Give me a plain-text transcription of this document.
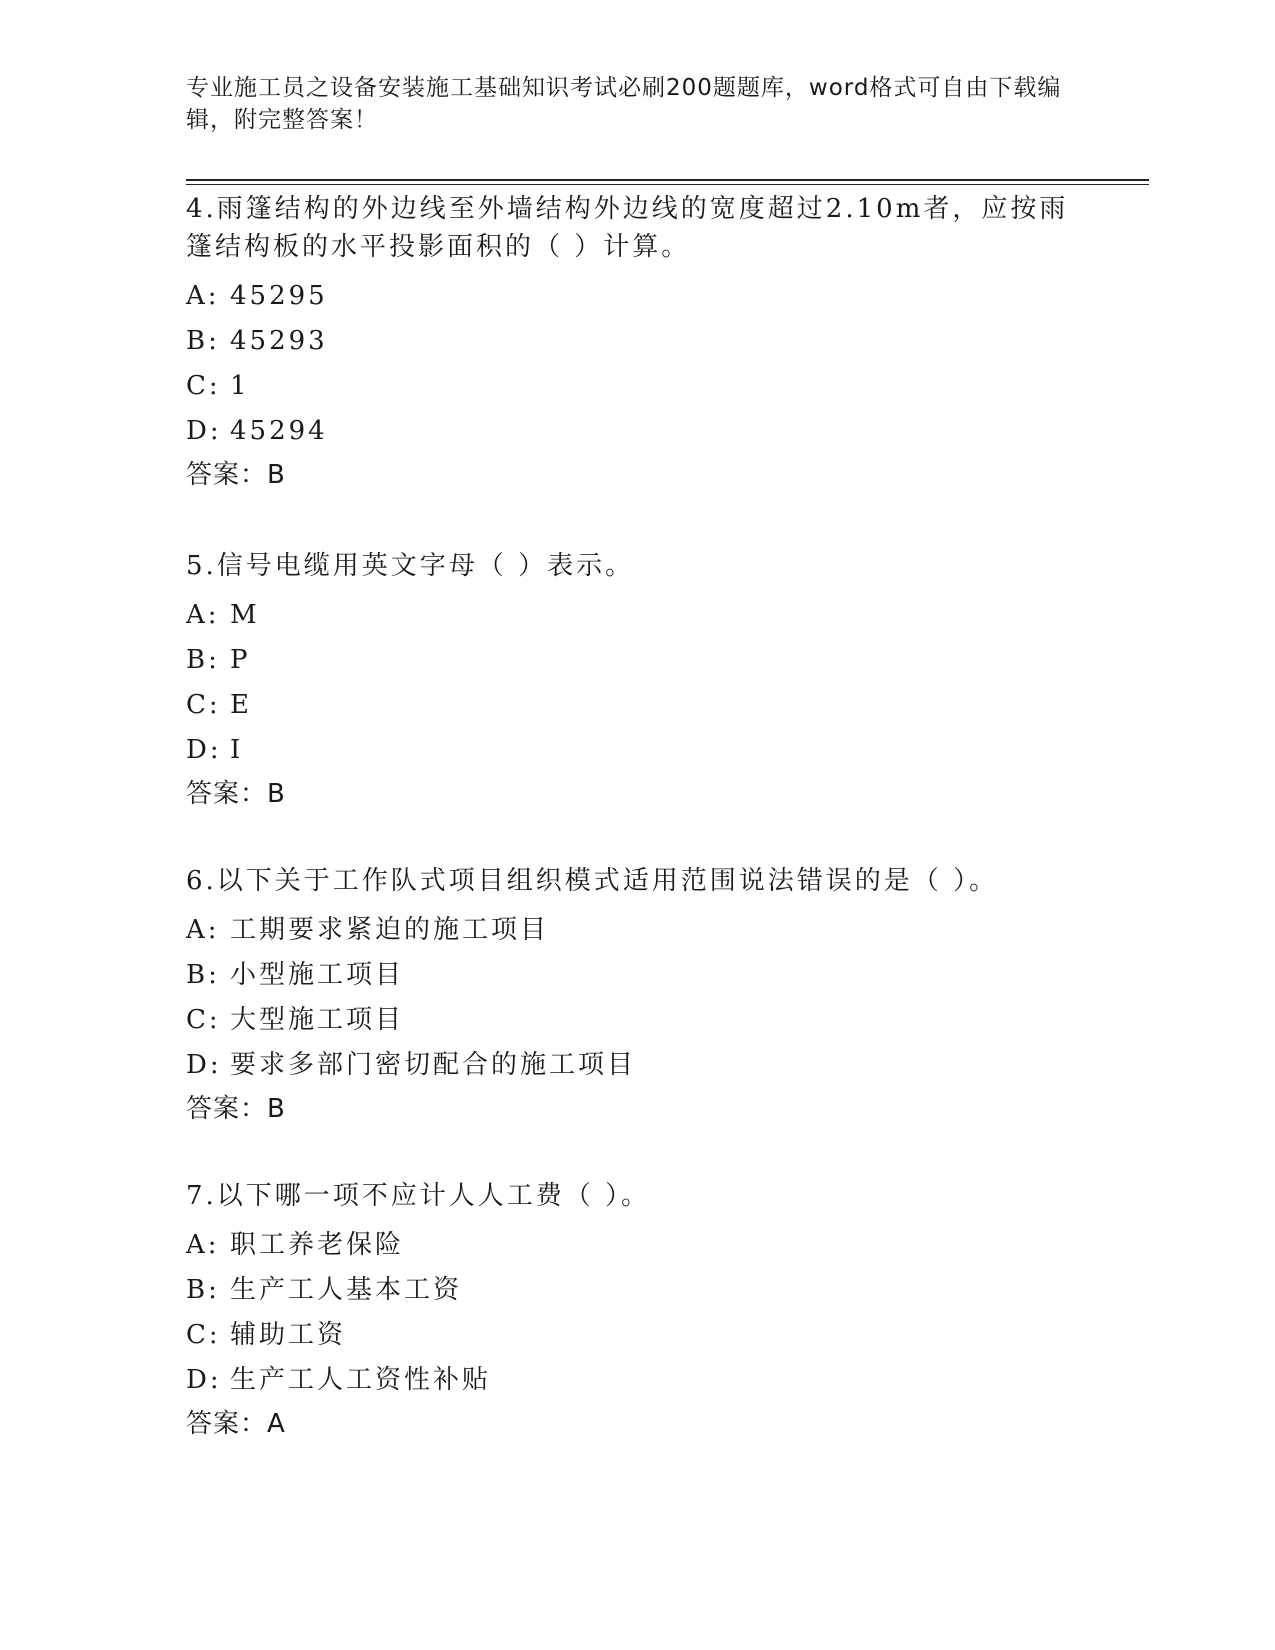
专业施工员之设备安装施工基础知识考试必刷200题题库，word格式可自由下载编辑，附完整答案！
4.雨篷结构的外边线至外墙结构外边线的宽度超过2.10m者，应按雨篷结构板的水平投影面积的（ ）计算。
A: 45295
B: 45293
C: 1
D: 45294
答案：B
5.信号电缆用英文字母（ ）表示。
A: M
B: P
C: E
D: I
答案：B
6.以下关于工作队式项目组织模式适用范围说法错误的是（ ）。
A: 工期要求紧迫的施工项目
B: 小型施工项目
C: 大型施工项目
D: 要求多部门密切配合的施工项目
答案：B
7.以下哪一项不应计人人工费（ ）。
A: 职工养老保险
B: 生产工人基本工资
C: 辅助工资
D: 生产工人工资性补贴
答案：A
